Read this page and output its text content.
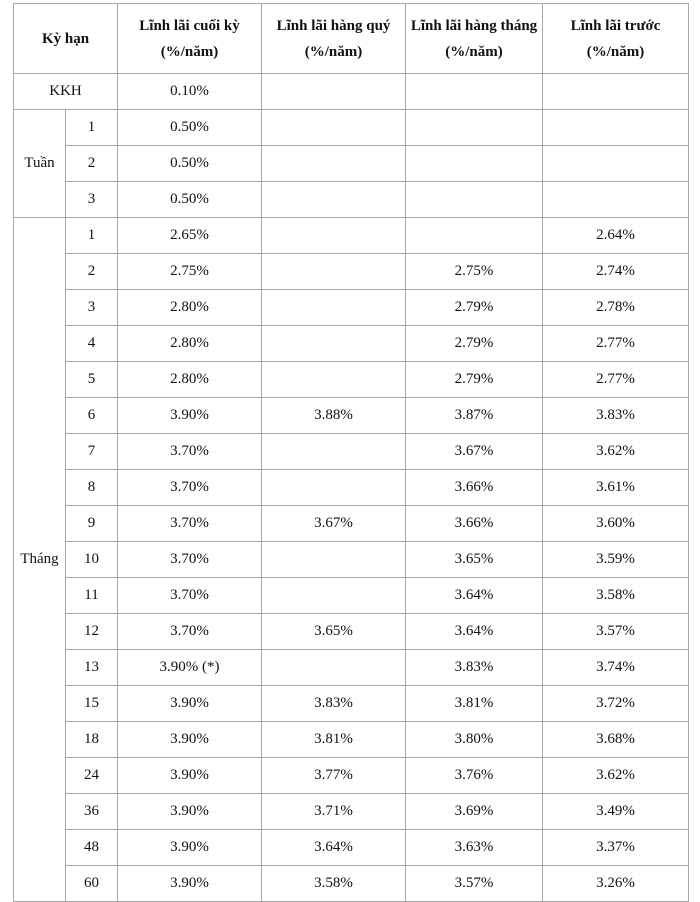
Kỳ hạn		Lĩnh lãi cuối kỳ (%/năm)	Lĩnh lãi hàng quý (%/năm)	Lĩnh lãi hàng tháng (%/năm)	Lĩnh lãi trước (%/năm)
KKH		0.10%			
Tuần	1	0.50%			
	2	0.50%			
	3	0.50%			
Tháng	1	2.65%			2.64%
	2	2.75%		2.75%	2.74%
	3	2.80%		2.79%	2.78%
	4	2.80%		2.79%	2.77%
	5	2.80%		2.79%	2.77%
	6	3.90%	3.88%	3.87%	3.83%
	7	3.70%		3.67%	3.62%
	8	3.70%		3.66%	3.61%
	9	3.70%	3.67%	3.66%	3.60%
	10	3.70%		3.65%	3.59%
	11	3.70%		3.64%	3.58%
	12	3.70%	3.65%	3.64%	3.57%
	13	3.90% (*)		3.83%	3.74%
	15	3.90%	3.83%	3.81%	3.72%
	18	3.90%	3.81%	3.80%	3.68%
	24	3.90%	3.77%	3.76%	3.62%
	36	3.90%	3.71%	3.69%	3.49%
	48	3.90%	3.64%	3.63%	3.37%
	60	3.90%	3.58%	3.57%	3.26%
